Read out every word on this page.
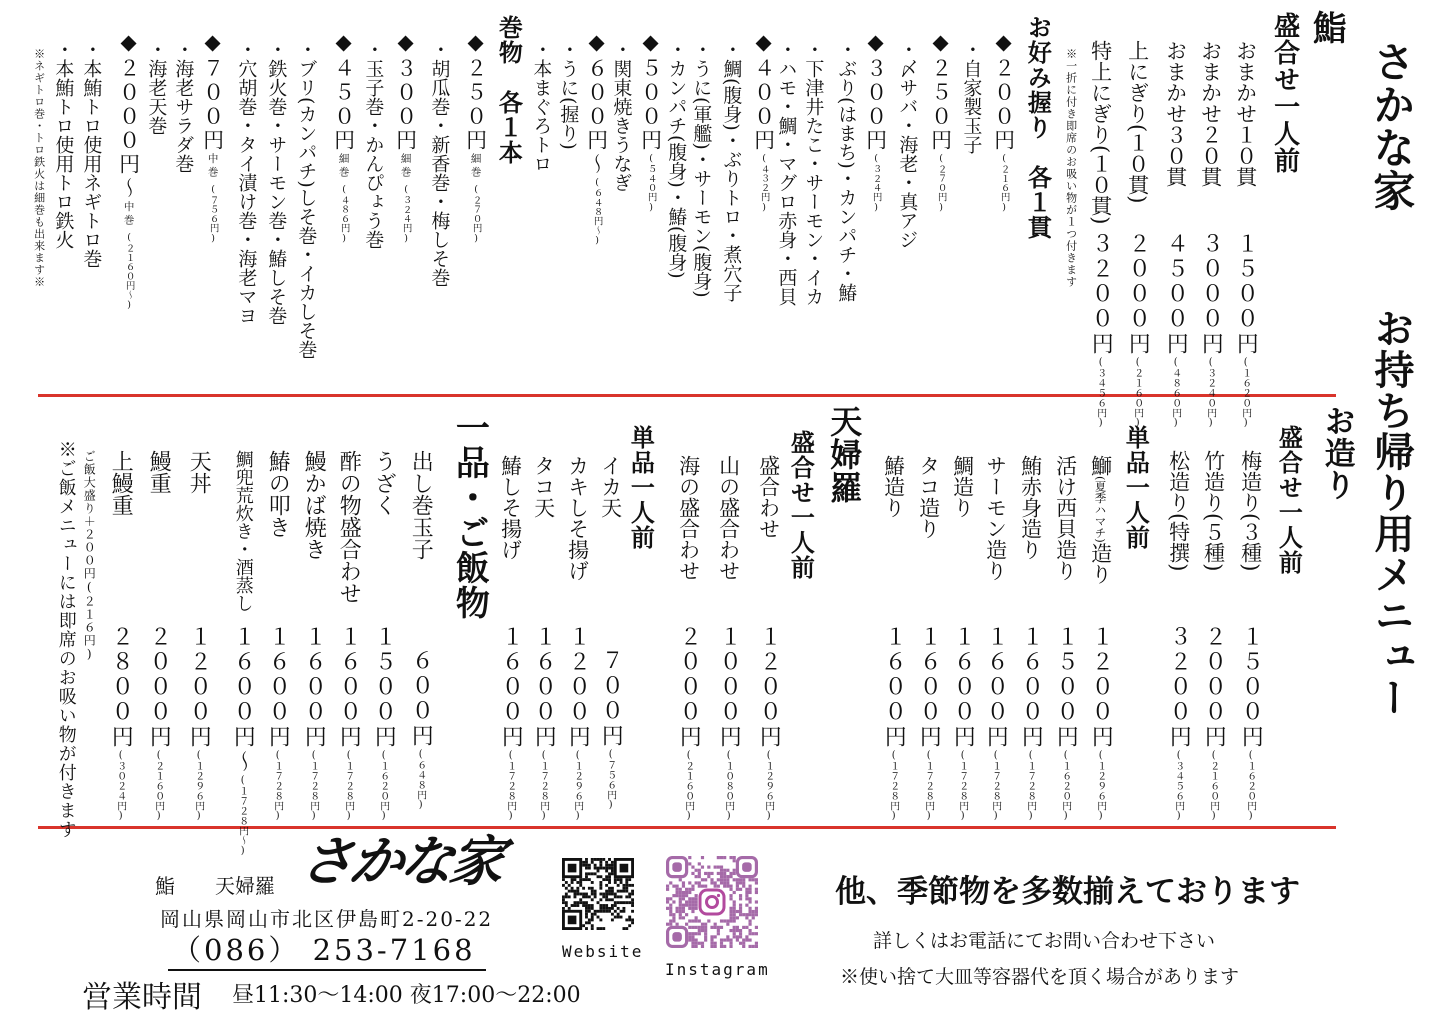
鮨　　天婦羅 さかな家
岡山県岡山市北区伊島町2-20-22
（086） 253-7168
営業時間 昼11:30～14:00 夜17:00～22:00
Website
Instagram
他、季節物を多数揃えております
詳しくはお電話にてお問い合わせ下さい
※使い捨て大皿等容器代を頂く場合があります
さかな家
お持ち帰り用メニュー
鮨
盛合せ一人前
おまかせ１０貫
１５００円(１６２０円)
おまかせ２０貫
３０００円(３２４０円)
おまかせ３０貫
４５００円(４８６０円)
上にぎり(１０貫)
２０００円(２１６０円)
特上にぎり(１０貫)
３２００円(３４５６円)
※一折に付き即席のお吸い物が１つ付きます
お好み握り　各１貫
◆２００円(２１６円)
・自家製玉子
◆２５０円(２７０円)
・〆サバ・海老・真アジ
◆３００円(３２４円)
・ぶり(はまち)・カンパチ・鰆
・下津井たこ・サーモン・イカ
・ハモ・鯛・マグロ赤身・西貝
◆４００円(４３２円)
・鯛(腹身)・ぶりトロ・煮穴子
・うに(軍艦)・サーモン(腹身)
・カンパチ(腹身)・鰆(腹身)
◆５００円(５４０円)
・関東焼きうなぎ
◆６００円～(６４８円～)
・うに(握り)
・本まぐろトロ
巻物　各１本
◆２５０円細巻(２７０円)
・胡瓜巻・新香巻・梅しそ巻
◆３００円細巻(３２４円)
・玉子巻・かんぴょう巻
◆４５０円細巻(４８６円)
・ブリ(カンパチ)しそ巻・イカしそ巻
・鉄火巻・サーモン巻・鰆しそ巻
・穴胡巻・タイ漬け巻・海老マヨ
◆７００円中巻(７５６円)
・海老サラダ巻
・海老天巻
◆２０００円～中巻(２１６０円～)
・本鮪トロ使用ネギトロ巻
・本鮪トロ使用トロ鉄火
※ネギトロ巻・トロ鉄火は細巻も出来ます※
お造り
盛合せ一人前
梅造り(３種)
１５００円(１６２０円)
竹造り(５種)
２０００円(２１６０円)
松造り(特撰)
３２００円(３４５６円)
単品一人前
鰤(夏季ハマチ)造り
１２００円(１２９６円)
活け西貝造り
１５００円(１６２０円)
鮪赤身造り
１６００円(１７２８円)
サーモン造り
１６００円(１７２８円)
鯛造り
１６００円(１７２８円)
タコ造り
１６００円(１７２８円)
鰆造り
１６００円(１７２８円)
天婦羅
盛合せ一人前
盛合わせ
１２００円(１２９６円)
山の盛合わせ
１０００円(１０８０円)
海の盛合わせ
２０００円(２１６０円)
単品一人前
イカ天
７００円(７５６円)
カキしそ揚げ
１２００円(１２９６円)
タコ天
１６００円(１７２８円)
鰆しそ揚げ
１６００円(１７２８円)
一品・ご飯物
出し巻玉子
６００円(６４８円)
うざく
１５００円(１６２０円)
酢の物盛合わせ
１６００円(１７２８円)
鰻かば焼き
１６００円(１７２８円)
鰆の叩き
１６００円(１７２８円)
鯛兜荒炊き・酒蒸し
１６００円～(１７２８円～)
天丼
１２００円(１２９６円)
鰻重
２０００円(２１６０円)
上鰻重
２８００円(３０２４円)
ご飯大盛り＋２００円(２１６円)
※ご飯メニューには即席のお吸い物が付きます
